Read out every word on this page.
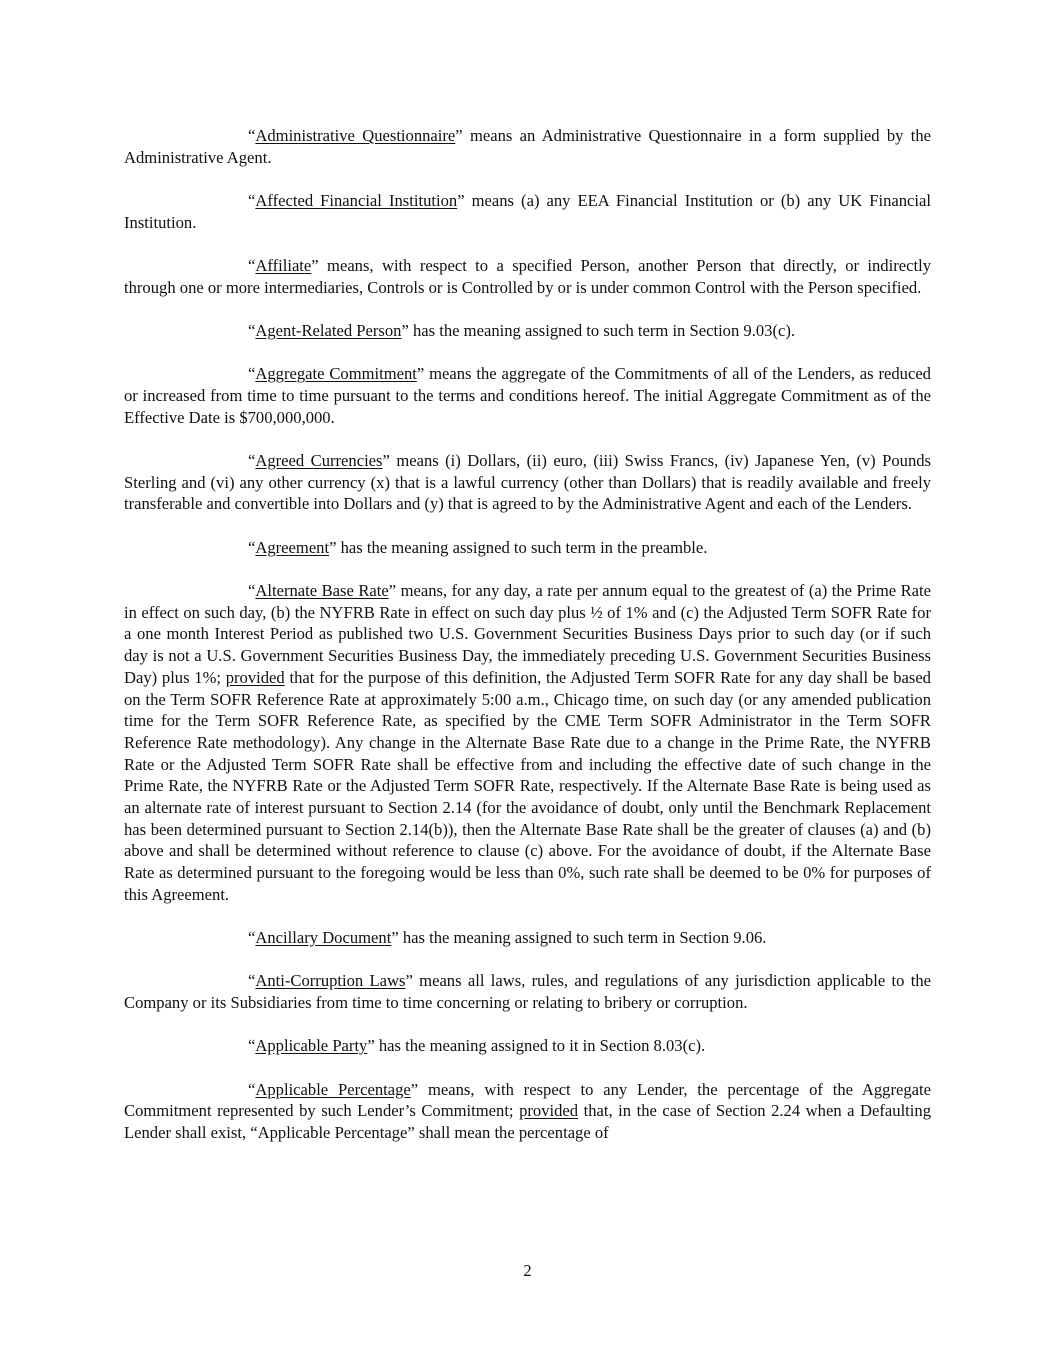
“Administrative Questionnaire” means an Administrative Questionnaire in a form supplied by the Administrative Agent.

“Affected Financial Institution” means (a) any EEA Financial Institution or (b) any UK Financial Institution.

“Affiliate” means, with respect to a specified Person, another Person that directly, or indirectly through one or more intermediaries, Controls or is Controlled by or is under common Control with the Person specified.

“Agent-Related Person” has the meaning assigned to such term in Section 9.03(c).

“Aggregate Commitment” means the aggregate of the Commitments of all of the Lenders, as reduced or increased from time to time pursuant to the terms and conditions hereof. The initial Aggregate Commitment as of the Effective Date is $700,000,000.

“Agreed Currencies” means (i) Dollars, (ii) euro, (iii) Swiss Francs, (iv) Japanese Yen, (v) Pounds Sterling and (vi) any other currency (x) that is a lawful currency (other than Dollars) that is readily available and freely transferable and convertible into Dollars and (y) that is agreed to by the Administrative Agent and each of the Lenders.

“Agreement” has the meaning assigned to such term in the preamble.

“Alternate Base Rate” means, for any day, a rate per annum equal to the greatest of (a) the Prime Rate in effect on such day, (b) the NYFRB Rate in effect on such day plus ½ of 1% and (c) the Adjusted Term SOFR Rate for a one month Interest Period as published two U.S. Government Securities Business Days prior to such day (or if such day is not a U.S. Government Securities Business Day, the immediately preceding U.S. Government Securities Business Day) plus 1%; provided that for the purpose of this definition, the Adjusted Term SOFR Rate for any day shall be based on the Term SOFR Reference Rate at approximately 5:00 a.m., Chicago time, on such day (or any amended publication time for the Term SOFR Reference Rate, as specified by the CME Term SOFR Administrator in the Term SOFR Reference Rate methodology). Any change in the Alternate Base Rate due to a change in the Prime Rate, the NYFRB Rate or the Adjusted Term SOFR Rate shall be effective from and including the effective date of such change in the Prime Rate, the NYFRB Rate or the Adjusted Term SOFR Rate, respectively. If the Alternate Base Rate is being used as an alternate rate of interest pursuant to Section 2.14 (for the avoidance of doubt, only until the Benchmark Replacement has been determined pursuant to Section 2.14(b)), then the Alternate Base Rate shall be the greater of clauses (a) and (b) above and shall be determined without reference to clause (c) above. For the avoidance of doubt, if the Alternate Base Rate as determined pursuant to the foregoing would be less than 0%, such rate shall be deemed to be 0% for purposes of this Agreement.

“Ancillary Document” has the meaning assigned to such term in Section 9.06.

“Anti-Corruption Laws” means all laws, rules, and regulations of any jurisdiction applicable to the Company or its Subsidiaries from time to time concerning or relating to bribery or corruption.

“Applicable Party” has the meaning assigned to it in Section 8.03(c).

“Applicable Percentage” means, with respect to any Lender, the percentage of the Aggregate Commitment represented by such Lender’s Commitment; provided that, in the case of Section 2.24 when a Defaulting Lender shall exist, “Applicable Percentage” shall mean the percentage of

2
